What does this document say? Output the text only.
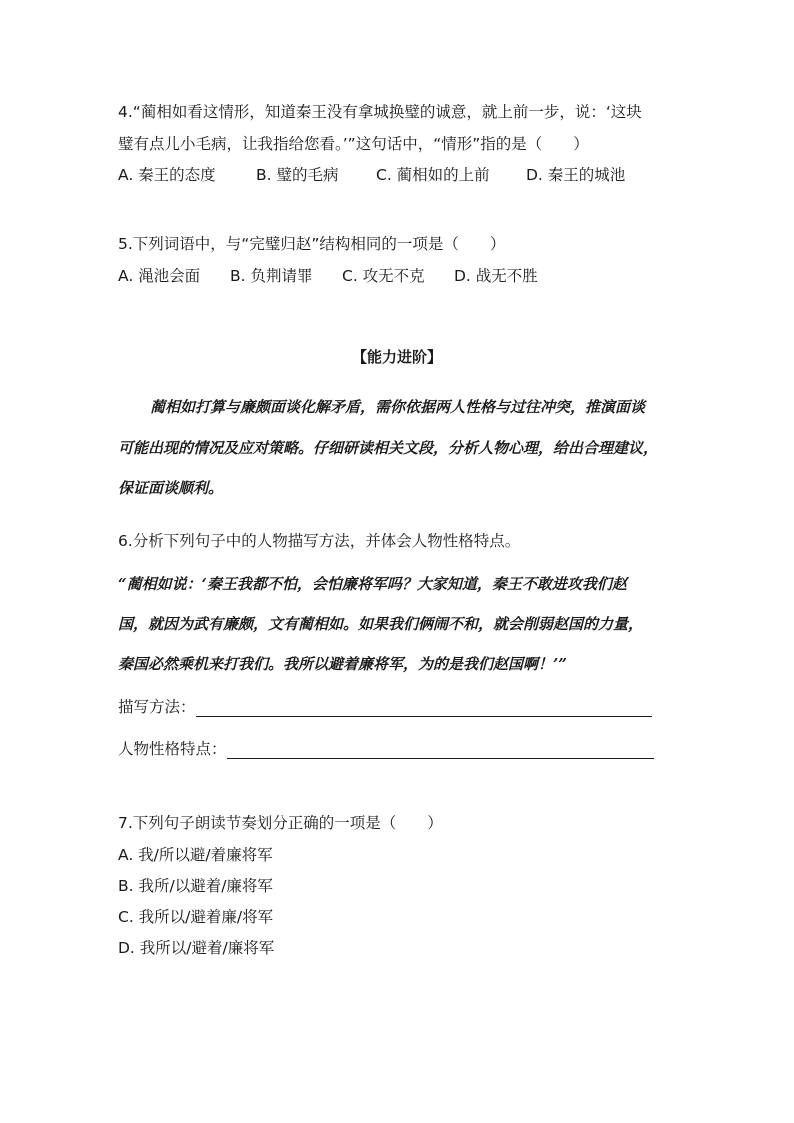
4.“蔺相如看这情形，知道秦王没有拿城换璧的诚意，就上前一步，说：‘这块
璧有点儿小毛病，让我指给您看。’”这句话中，“情形”指的是（　　）
A. 秦王的态度	B. 璧的毛病 C. 蔺相如的上前 D. 秦王的城池
5.下列词语中，与“完璧归赵”结构相同的一项是（　　）
A. 渑池会面 B. 负荆请罪 C. 攻无不克 D. 战无不胜
【能力进阶】
蔺相如打算与廉颇面谈化解矛盾，需你依据两人性格与过往冲突，推演面谈
可能出现的情况及应对策略。仔细研读相关文段，分析人物心理，给出合理建议，
保证面谈顺利。
6.分析下列句子中的人物描写方法，并体会人物性格特点。
“蔺相如说：‘秦王我都不怕，会怕廉将军吗？大家知道，秦王不敢进攻我们赵
国，就因为武有廉颇，文有蔺相如。如果我们俩闹不和，就会削弱赵国的力量，
秦国必然乘机来打我们。我所以避着廉将军，为的是我们赵国啊！’”
描写方法：
人物性格特点：
7.下列句子朗读节奏划分正确的一项是（　　）
A. 我/所以避/着廉将军
B. 我所/以避着/廉将军
C. 我所以/避着廉/将军
D. 我所以/避着/廉将军
